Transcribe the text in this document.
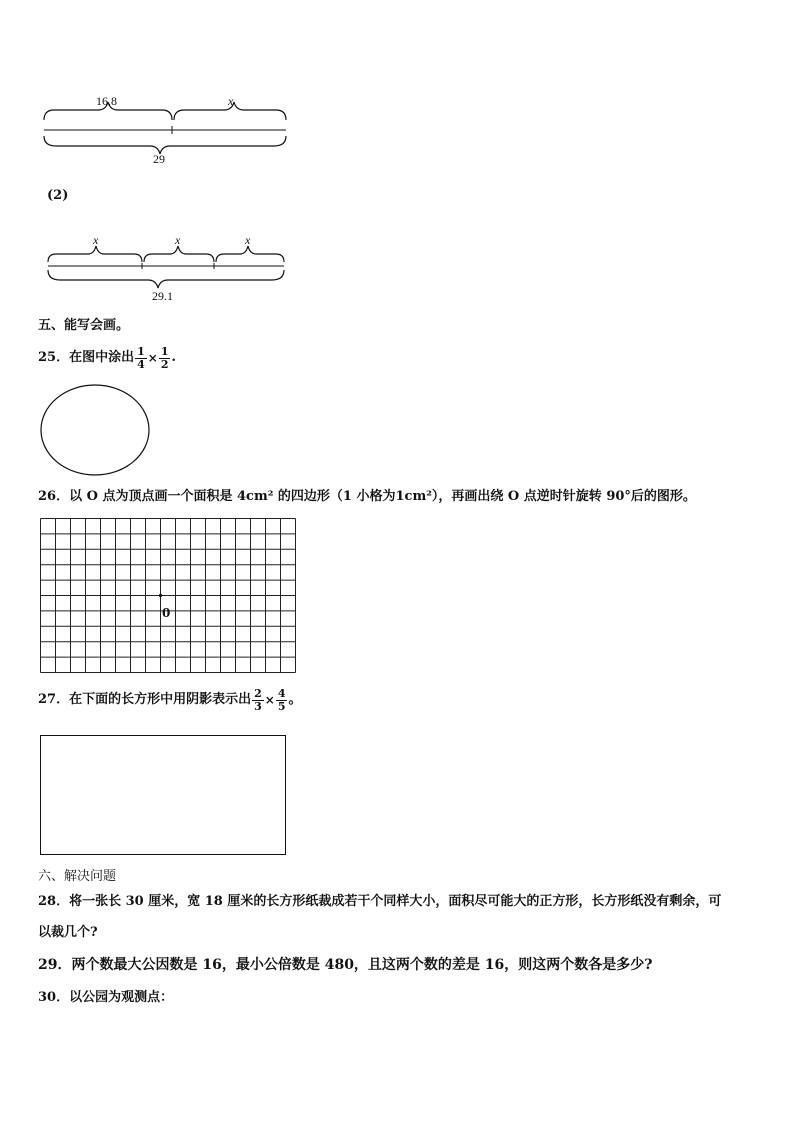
16.8	x
29
(2)
x	x	x
29.1
五、能写会画。
25．在图中涂出 $\frac{1}{4} \times \frac{1}{2}$ .
26．以 O 点为顶点画一个面积是 4cm² 的四边形（1 小格为1cm²），再画出绕 O 点逆时针旋转 90°后的图形。
0
27．在下面的长方形中用阴影表示出 $\frac{2}{3} \times \frac{4}{5}$ 。
六、解决问题
28．将一张长 30 厘米，宽 18 厘米的长方形纸裁成若干个同样大小，面积尽可能大的正方形，长方形纸没有剩余，可
以裁几个?
29．两个数最大公因数是 16，最小公倍数是 480，且这两个数的差是 16，则这两个数各是多少?
30．以公园为观测点：
